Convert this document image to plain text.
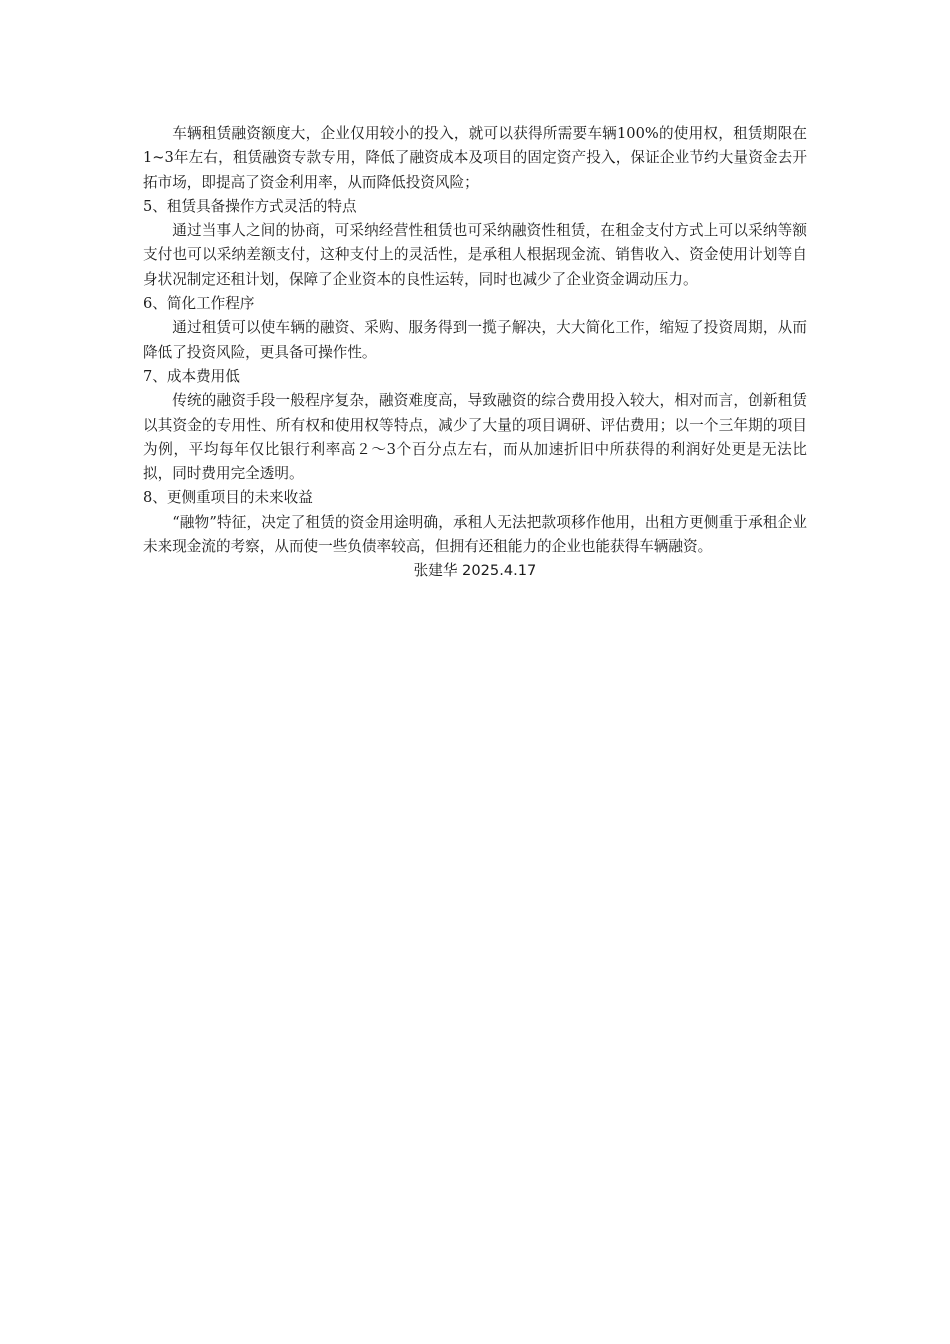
车辆租赁融资额度大，企业仅用较小的投入，就可以获得所需要车辆100%的使用权，租赁期限在1~3年左右，租赁融资专款专用，降低了融资成本及项目的固定资产投入，保证企业节约大量资金去开拓市场，即提高了资金利用率，从而降低投资风险；

5、租赁具备操作方式灵活的特点

通过当事人之间的协商，可采纳经营性租赁也可采纳融资性租赁，在租金支付方式上可以采纳等额支付也可以采纳差额支付，这种支付上的灵活性，是承租人根据现金流、销售收入、资金使用计划等自身状况制定还租计划，保障了企业资本的良性运转，同时也减少了企业资金调动压力。

6、简化工作程序

通过租赁可以使车辆的融资、采购、服务得到一揽子解决，大大简化工作，缩短了投资周期，从而降低了投资风险，更具备可操作性。

7、成本费用低

传统的融资手段一般程序复杂，融资难度高，导致融资的综合费用投入较大，相对而言，创新租赁以其资金的专用性、所有权和使用权等特点，减少了大量的项目调研、评估费用；以一个三年期的项目为例，平均每年仅比银行利率高２～3个百分点左右，而从加速折旧中所获得的利润好处更是无法比拟，同时费用完全透明。

8、更侧重项目的未来收益

“融物”特征，决定了租赁的资金用途明确，承租人无法把款项移作他用，出租方更侧重于承租企业未来现金流的考察，从而使一些负债率较高，但拥有还租能力的企业也能获得车辆融资。

张建华 2025.4.17
